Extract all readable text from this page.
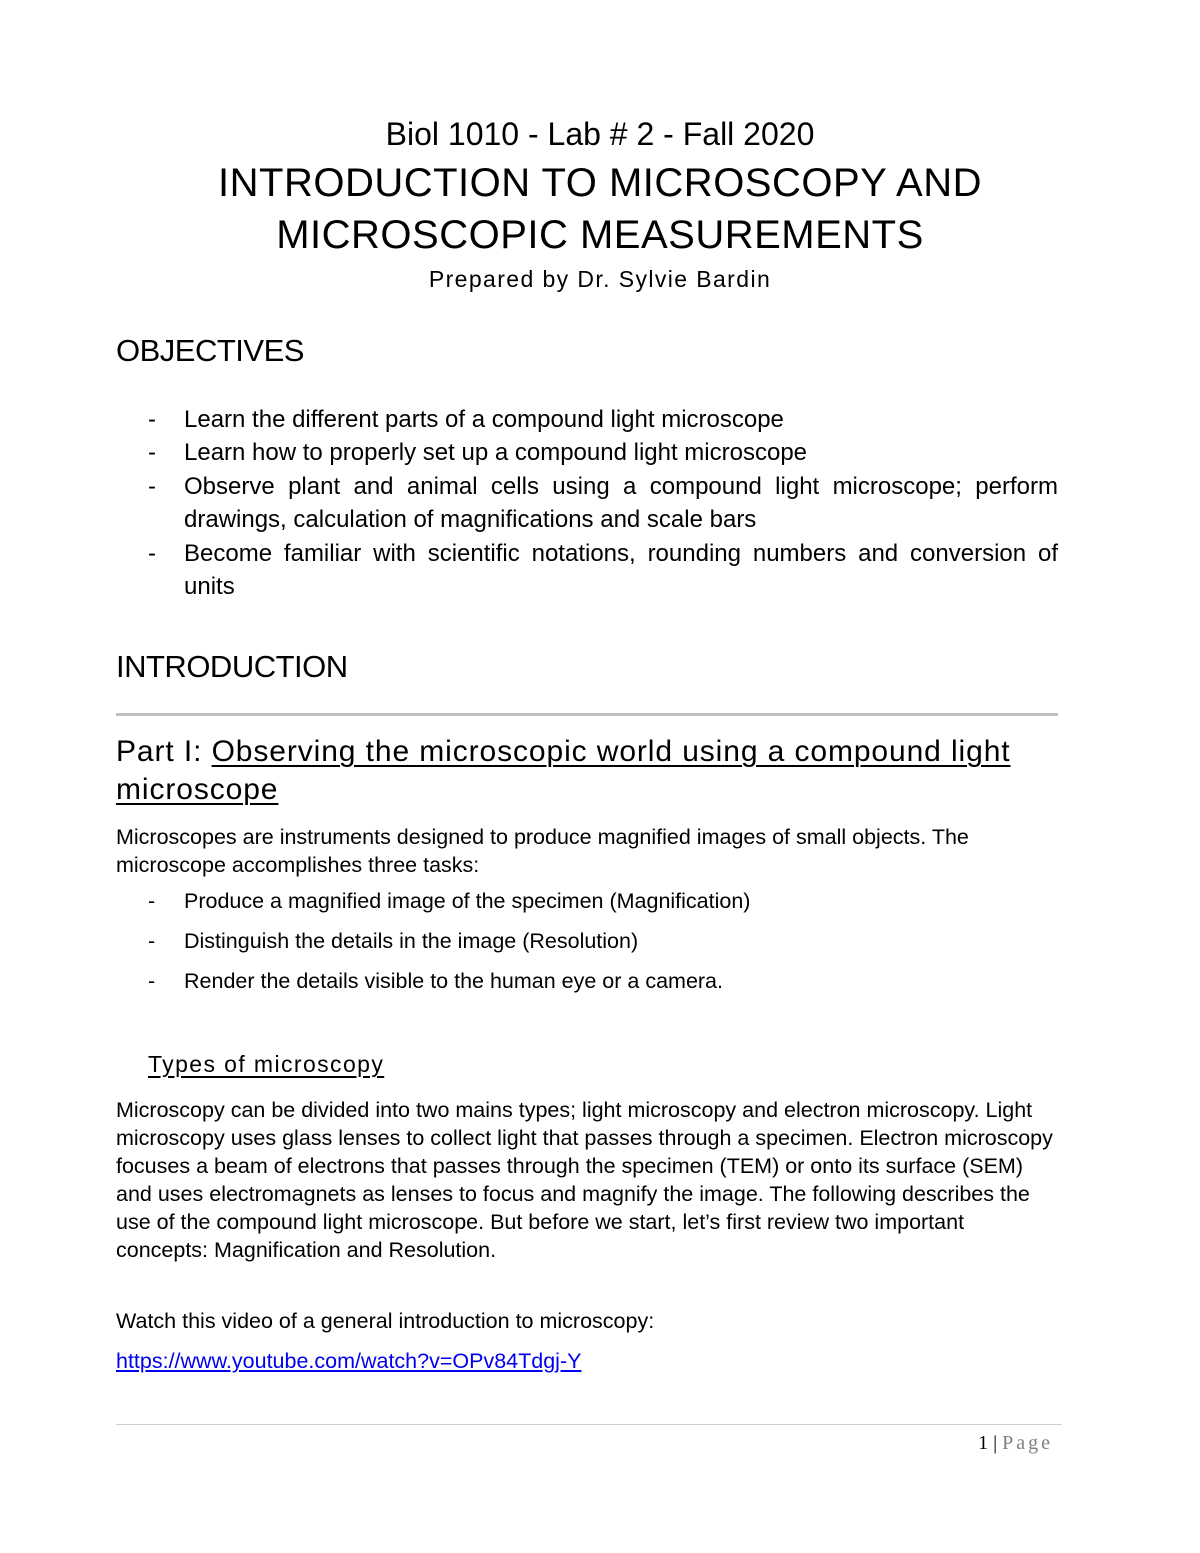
Biol 1010 - Lab # 2 - Fall 2020
INTRODUCTION TO MICROSCOPY AND
MICROSCOPIC MEASUREMENTS
Prepared by Dr. Sylvie Bardin
OBJECTIVES
- Learn the different parts of a compound light microscope
- Learn how to properly set up a compound light microscope
- Observe plant and animal cells using a compound light microscope; perform drawings, calculation of magnifications and scale bars
- Become familiar with scientific notations, rounding numbers and conversion of units
INTRODUCTION
Part I: Observing the microscopic world using a compound light microscope
Microscopes are instruments designed to produce magnified images of small objects. The microscope accomplishes three tasks:
- Produce a magnified image of the specimen (Magnification)
- Distinguish the details in the image (Resolution)
- Render the details visible to the human eye or a camera.
Types of microscopy
Microscopy can be divided into two mains types; light microscopy and electron microscopy. Light microscopy uses glass lenses to collect light that passes through a specimen. Electron microscopy focuses a beam of electrons that passes through the specimen (TEM) or onto its surface (SEM) and uses electromagnets as lenses to focus and magnify the image. The following describes the use of the compound light microscope. But before we start, let’s first review two important concepts: Magnification and Resolution.
Watch this video of a general introduction to microscopy:
https://www.youtube.com/watch?v=OPv84Tdgj-Y
1 | Page
